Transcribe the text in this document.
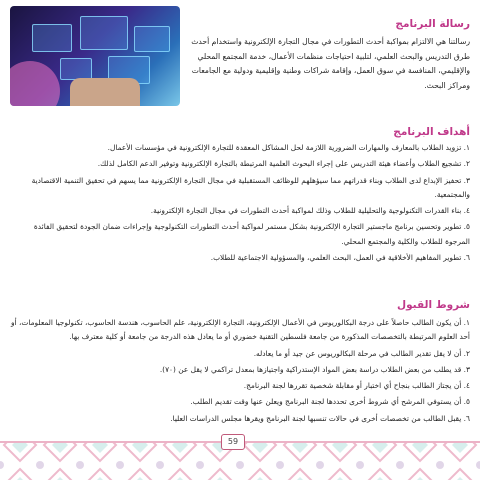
رسالة البرنامج
رسالتنا هي الالتزام بمواكبة أحدث التطورات في مجال التجارة الإلكترونية واستخدام أحدث طرق التدريس والبحث العلمي، لتلبية احتياجات منظمات الأعمال، خدمة المجتمع المحلي والإقليمي، المنافسة في سوق العمل، وإقامة شراكات وطنية وإقليمية ودولية مع الجامعات ومراكز البحث.
أهداف البرنامج
١. تزويد الطلاب بالمعارف والمهارات الضرورية اللازمة لحل المشاكل المعقدة للتجارة الإلكترونية في مؤسسات الأعمال.
٢. تشجيع الطلاب وأعضاء هيئة التدريس على إجراء البحوث العلمية المرتبطة بالتجارة الإلكترونية وتوفير الدعم الكامل لذلك.
٣. تحفيز الإبداع لدى الطلاب وبناء قدراتهم مما سيؤهلهم للوظائف المستقبلية في مجال التجارة الإلكترونية مما يسهم في تحقيق التنمية الاقتصادية والمجتمعية.
٤. بناء القدرات التكنولوجية والتحليلية للطلاب وذلك لمواكبة أحدث التطورات في مجال التجارة الإلكترونية.
٥. تطوير وتحسين برنامج ماجستير التجارة الإلكترونية بشكل مستمر لمواكبة أحدث التطورات التكنولوجية وإجراءات ضمان الجودة لتحقيق الفائدة المرجوة للطلاب والكلية والمجتمع المحلي.
٦. تطوير المفاهيم الأخلاقية في العمل، البحث العلمي، والمسؤولية الاجتماعية للطلاب.
شروط القبول
١. أن يكون الطالب حاصلاً على درجة البكالوريوس في الأعمال الإلكترونية، التجارة الإلكترونية، علم الحاسوب، هندسة الحاسوب، تكنولوجيا المعلومات، أو أحد العلوم المرتبطة بالتخصصات المذكورة من جامعة فلسطين التقنية خضوري أو ما يعادل هذه الدرجة من جامعة أو كلية معترف بها.
٢. أن لا يقل تقدير الطالب في مرحلة البكالوريوس عن جيد أو ما يعادله.
٣. قد يطلب من بعض الطلاب دراسة بعض المواد الإستدراكية واجتيازها بمعدل تراكمي لا يقل عن (٧٠).
٤. أن يجتاز الطالب بنجاح أي اختبار أو مقابلة شخصية تقررها لجنة البرنامج.
٥. أن يستوفي المرشح أي شروط أخرى تحددها لجنة البرنامج ويعلن عنها وقت تقديم الطلب.
٦. يقبل الطالب من تخصصات أخرى في حالات تنسبها لجنة البرنامج ويقرها مجلس الدراسات العليا.
59
